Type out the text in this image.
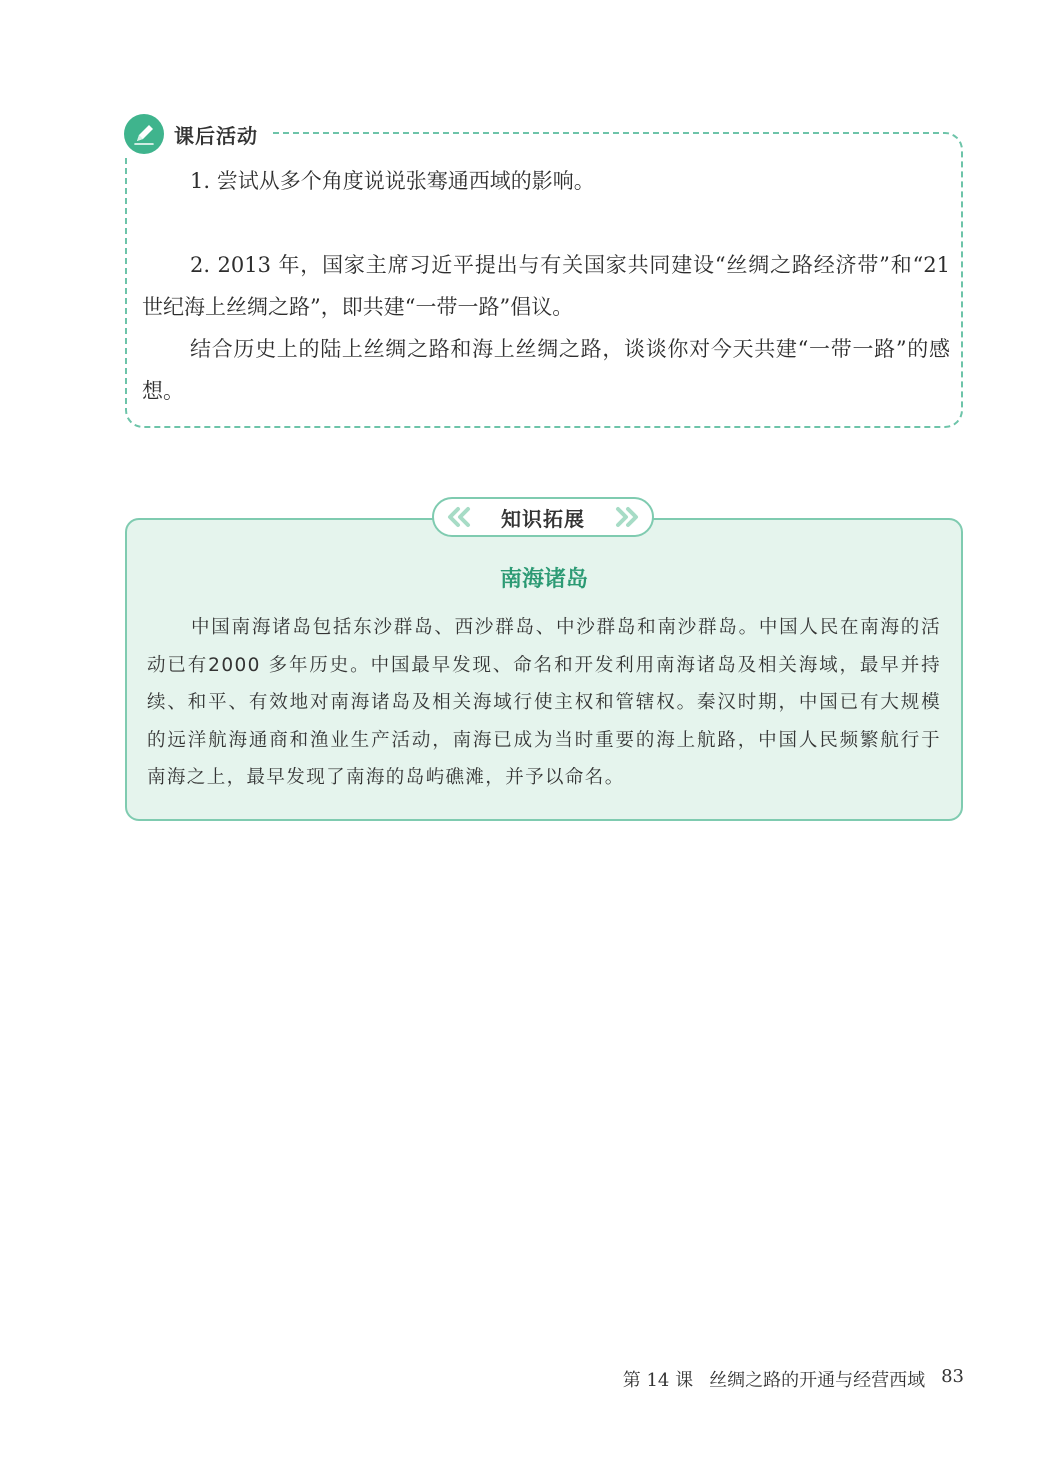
课后活动

1. 尝试从多个角度说说张骞通西域的影响。

2. 2013 年，国家主席习近平提出与有关国家共同建设“丝绸之路经济带”和“21 世纪海上丝绸之路”，即共建“一带一路”倡议。

结合历史上的陆上丝绸之路和海上丝绸之路，谈谈你对今天共建“一带一路”的感想。

知识拓展
南海诸岛

中国南海诸岛包括东沙群岛、西沙群岛、中沙群岛和南沙群岛。中国人民在南海的活动已有2000 多年历史。中国最早发现、命名和开发利用南海诸岛及相关海域，最早并持续、和平、有效地对南海诸岛及相关海域行使主权和管辖权。秦汉时期，中国已有大规模的远洋航海通商和渔业生产活动，南海已成为当时重要的海上航路，中国人民频繁航行于南海之上，最早发现了南海的岛屿礁滩，并予以命名。

第 14 课 丝绸之路的开通与经营西域 83
